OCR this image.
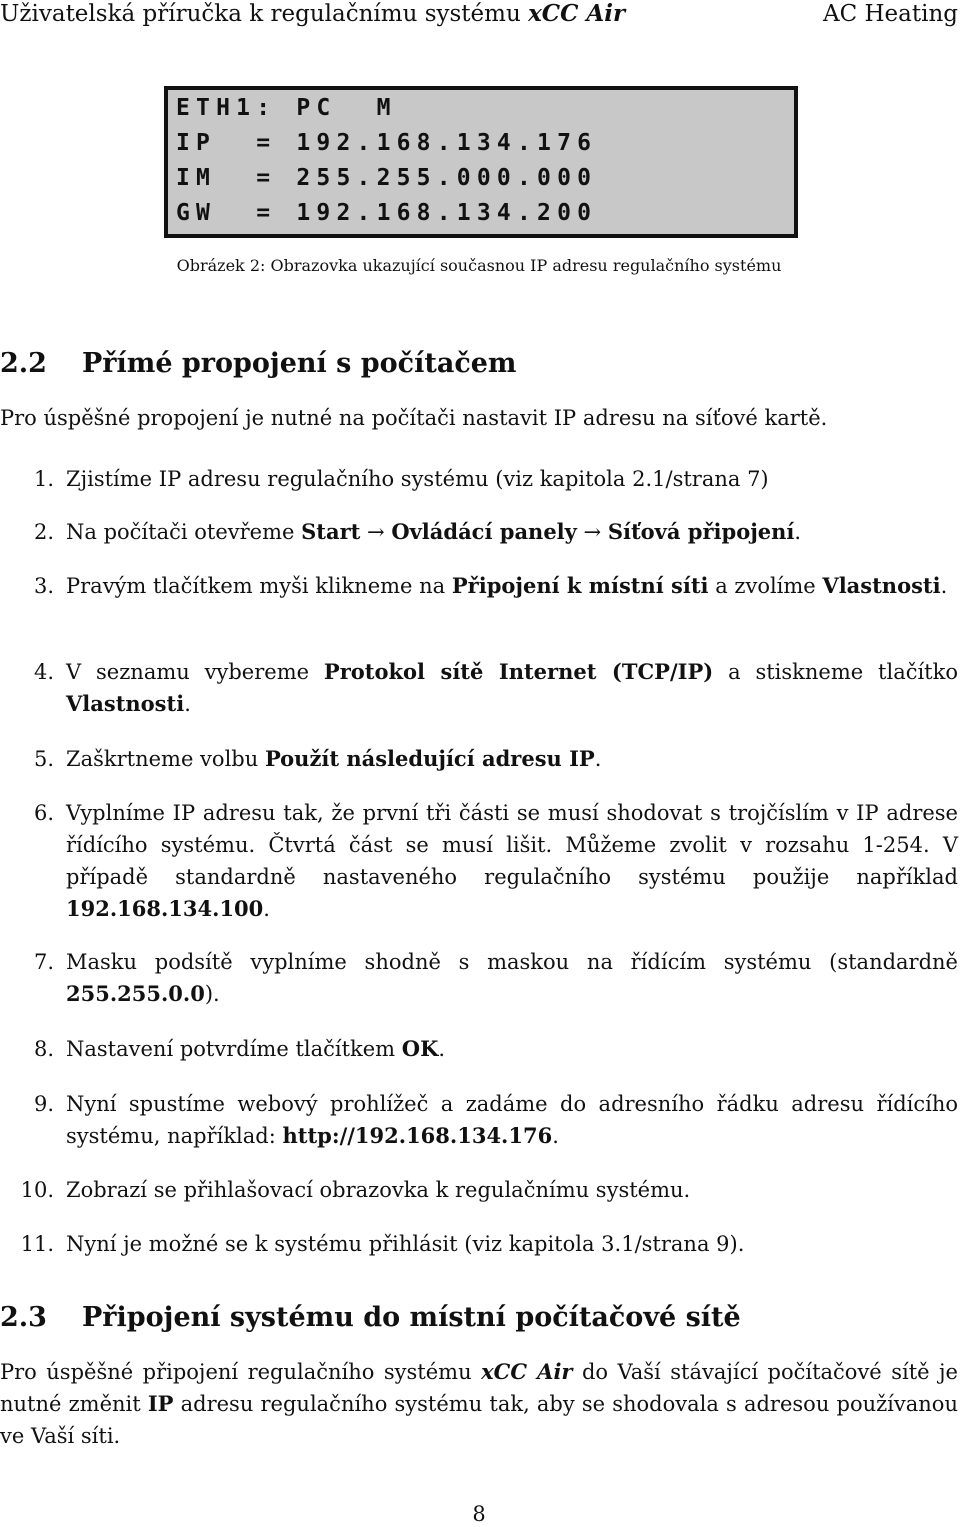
Uživatelská příručka k regulačnímu systému xCC Air	AC Heating
ETH1: PC  M
IP  = 192.168.134.176
IM  = 255.255.000.000
GW  = 192.168.134.200
Obrázek 2: Obrazovka ukazující současnou IP adresu regulačního systému
2.2 Přímé propojení s počítačem
Pro úspěšné propojení je nutné na počítači nastavit IP adresu na síťové kartě.
1. Zjistíme IP adresu regulačního systému (viz kapitola 2.1/strana 7)
2. Na počítači otevřeme Start → Ovládácí panely → Síťová připojení.
3. Pravým tlačítkem myši klikneme na Připojení k místní síti a zvolíme Vlastnosti.
4. V seznamu vybereme Protokol sítě Internet (TCP/IP) a stiskneme tlačítko Vlastnosti.
5. Zaškrtneme volbu Použít následující adresu IP.
6. Vyplníme IP adresu tak, že první tři části se musí shodovat s trojčíslím v IP adrese řídícího systému. Čtvrtá část se musí lišit. Můžeme zvolit v rozsahu 1-254. V případě standardně nastaveného regulačního systému použije například 192.168.134.100.
7. Masku podsítě vyplníme shodně s maskou na řídícím systému (standardně 255.255.0.0).
8. Nastavení potvrdíme tlačítkem OK.
9. Nyní spustíme webový prohlížeč a zadáme do adresního řádku adresu řídícího systému, například: http://192.168.134.176.
10. Zobrazí se přihlašovací obrazovka k regulačnímu systému.
11. Nyní je možné se k systému přihlásit (viz kapitola 3.1/strana 9).
2.3 Připojení systému do místní počítačové sítě
Pro úspěšné připojení regulačního systému xCC Air do Vaší stávající počítačové sítě je nutné změnit IP adresu regulačního systému tak, aby se shodovala s adresou používanou ve Vaší síti.
8
